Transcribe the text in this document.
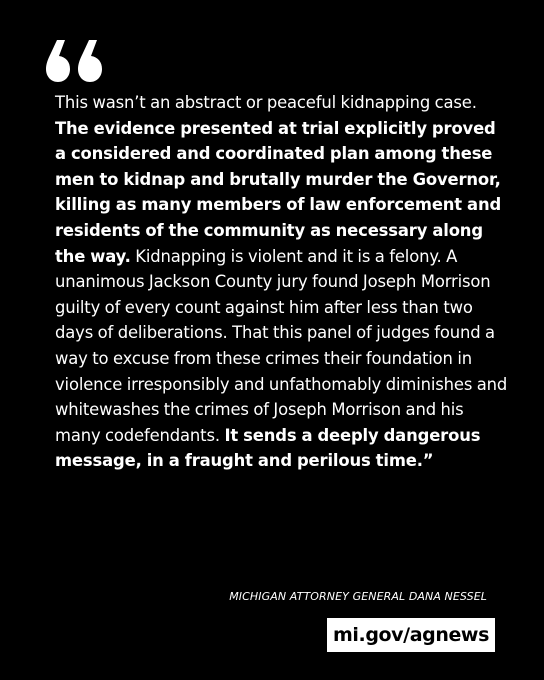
This wasn’t an abstract or peaceful kidnapping case. The evidence presented at trial explicitly proved a considered and coordinated plan among these men to kidnap and brutally murder the Governor, killing as many members of law enforcement and residents of the community as necessary along the way. Kidnapping is violent and it is a felony. A unanimous Jackson County jury found Joseph Morrison guilty of every count against him after less than two days of deliberations. That this panel of judges found a way to excuse from these crimes their foundation in violence irresponsibly and unfathomably diminishes and whitewashes the crimes of Joseph Morrison and his many codefendants. It sends a deeply dangerous message, in a fraught and perilous time.”
MICHIGAN ATTORNEY GENERAL DANA NESSEL
mi.gov/agnews
